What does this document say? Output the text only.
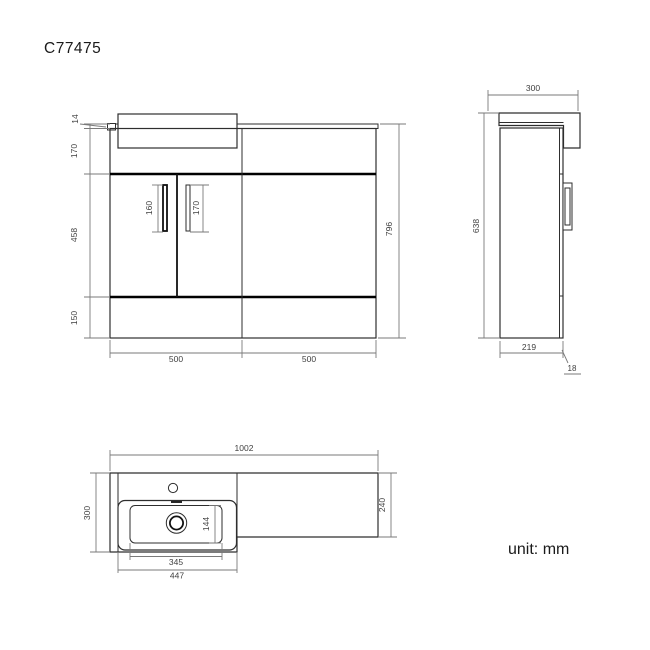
C77475
14
170
458
150
796
500	500
160	170
300
638
219
18
1002
144
345
447
300
240
unit: mm
